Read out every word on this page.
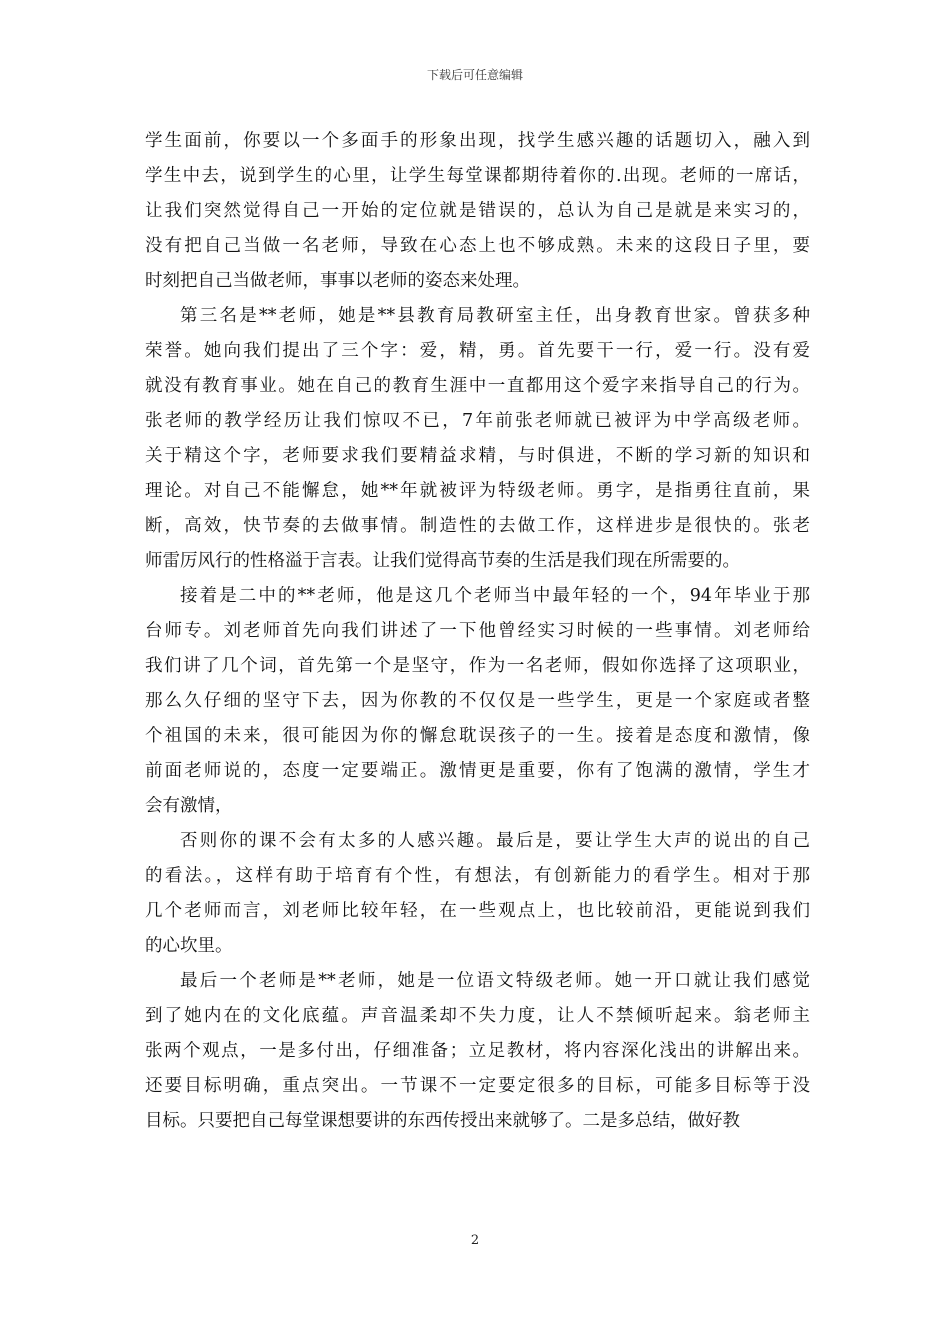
下载后可任意编辑
学生面前，你要以一个多面手的形象出现，找学生感兴趣的话题切入，融入到
学生中去，说到学生的心里，让学生每堂课都期待着你的.出现。老师的一席话，
让我们突然觉得自己一开始的定位就是错误的，总认为自己是就是来实习的，
没有把自己当做一名老师，导致在心态上也不够成熟。未来的这段日子里，要
时刻把自己当做老师，事事以老师的姿态来处理。
第三名是**老师，她是**县教育局教研室主任，出身教育世家。曾获多种
荣誉。她向我们提出了三个字：爱，精，勇。首先要干一行，爱一行。没有爱
就没有教育事业。她在自己的教育生涯中一直都用这个爱字来指导自己的行为。
张老师的教学经历让我们惊叹不已，7年前张老师就已被评为中学高级老师。
关于精这个字，老师要求我们要精益求精，与时俱进，不断的学习新的知识和
理论。对自己不能懈怠，她**年就被评为特级老师。勇字，是指勇往直前，果
断，高效，快节奏的去做事情。制造性的去做工作，这样进步是很快的。张老
师雷厉风行的性格溢于言表。让我们觉得高节奏的生活是我们现在所需要的。
接着是二中的**老师，他是这几个老师当中最年轻的一个，94年毕业于那
台师专。刘老师首先向我们讲述了一下他曾经实习时候的一些事情。刘老师给
我们讲了几个词，首先第一个是坚守，作为一名老师，假如你选择了这项职业，
那么久仔细的坚守下去，因为你教的不仅仅是一些学生，更是一个家庭或者整
个祖国的未来，很可能因为你的懈怠耽误孩子的一生。接着是态度和激情，像
前面老师说的，态度一定要端正。激情更是重要，你有了饱满的激情，学生才
会有激情，
否则你的课不会有太多的人感兴趣。最后是，要让学生大声的说出的自己
的看法。，这样有助于培育有个性，有想法，有创新能力的看学生。相对于那
几个老师而言，刘老师比较年轻，在一些观点上，也比较前沿，更能说到我们
的心坎里。
最后一个老师是**老师，她是一位语文特级老师。她一开口就让我们感觉
到了她内在的文化底蕴。声音温柔却不失力度，让人不禁倾听起来。翁老师主
张两个观点，一是多付出，仔细准备；立足教材，将内容深化浅出的讲解出来。
还要目标明确，重点突出。一节课不一定要定很多的目标，可能多目标等于没
目标。只要把自己每堂课想要讲的东西传授出来就够了。二是多总结，做好教
2
